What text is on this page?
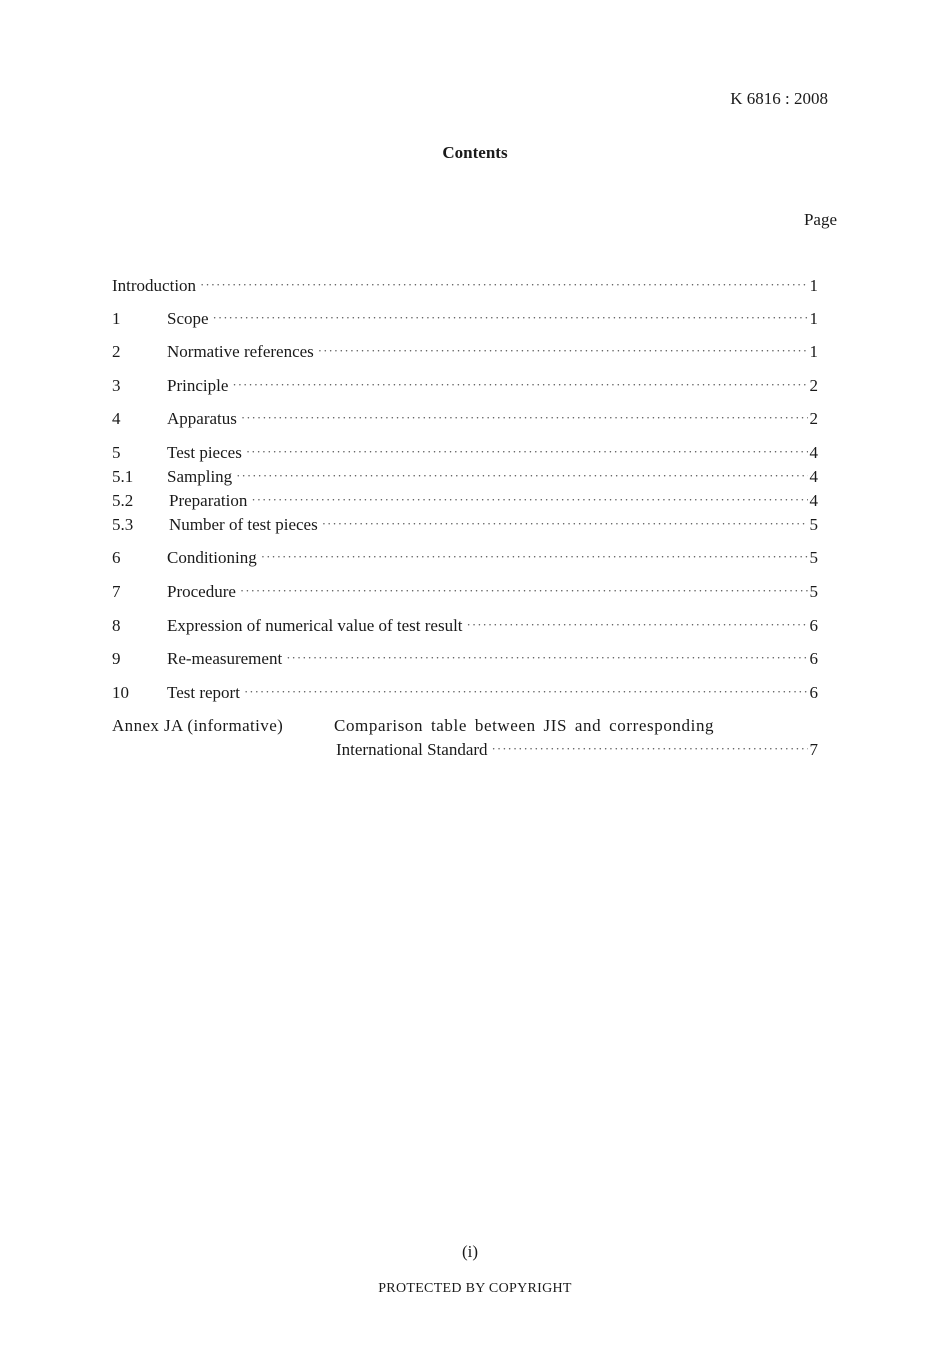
K 6816 : 2008
Contents
Page
Introduction ·····	1
1	Scope ·····	1
2	Normative references ·····	1
3	Principle ·····	2
4	Apparatus ·····	2
5	Test pieces ·····	4
5.1	Sampling ·····	4
5.2	Preparation ·····	4
5.3	Number of test pieces ·····	5
6	Conditioning ·····	5
7	Procedure ·····	5
8	Expression of numerical value of test result ·····	6
9	Re-measurement ·····	6
10	Test report ·····	6
Annex JA (informative)	Comparison table between JIS and corresponding
International Standard ·····	7
(i)
PROTECTED BY COPYRIGHT
